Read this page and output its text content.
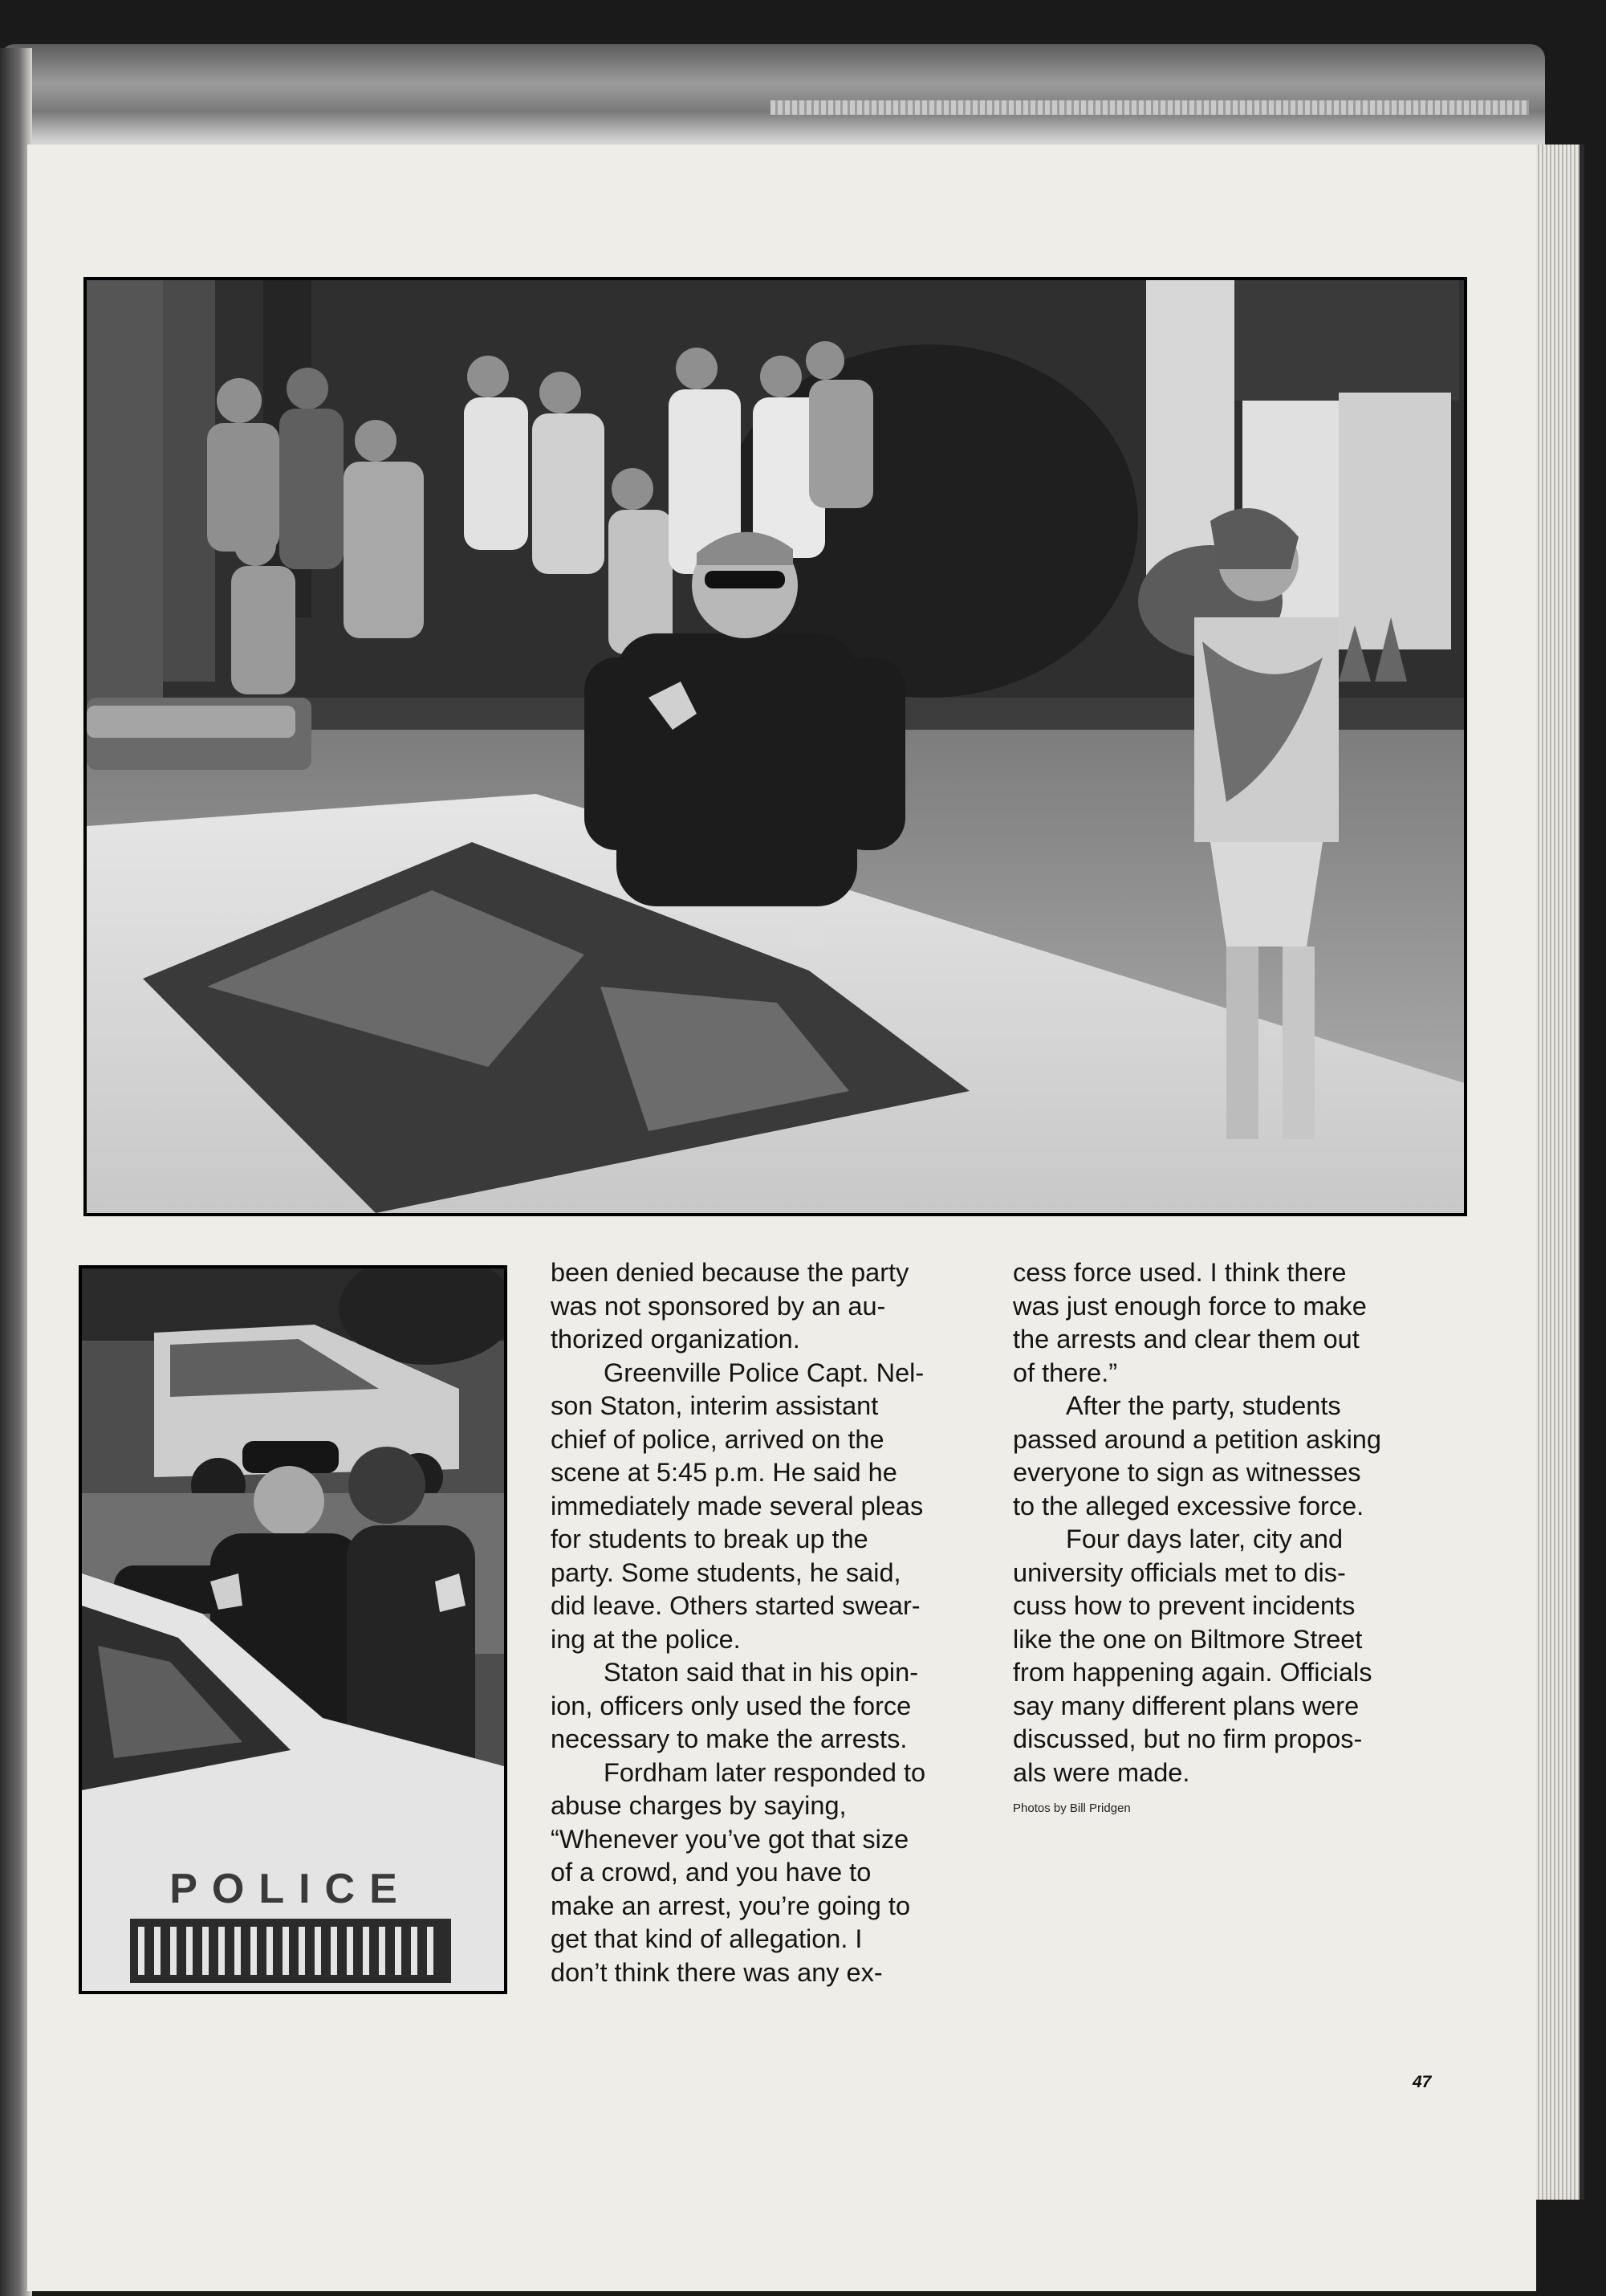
POLICE

been denied because the party
was not sponsored by an au-
thorized organization.

Greenville Police Capt. Nel-
son Staton, interim assistant
chief of police, arrived on the
scene at 5:45 p.m. He said he
immediately made several pleas
for students to break up the
party. Some students, he said,
did leave. Others started swear-
ing at the police.

Staton said that in his opin-
ion, officers only used the force
necessary to make the arrests.

Fordham later responded to
abuse charges by saying,
“Whenever you’ve got that size
of a crowd, and you have to
make an arrest, you’re going to
get that kind of allegation. I
don’t think there was any ex-

cess force used. I think there
was just enough force to make
the arrests and clear them out
of there.”

After the party, students
passed around a petition asking
everyone to sign as witnesses
to the alleged excessive force.

Four days later, city and
university officials met to dis-
cuss how to prevent incidents
like the one on Biltmore Street
from happening again. Officials
say many different plans were
discussed, but no firm propos-
als were made.

Photos by Bill Pridgen
47
